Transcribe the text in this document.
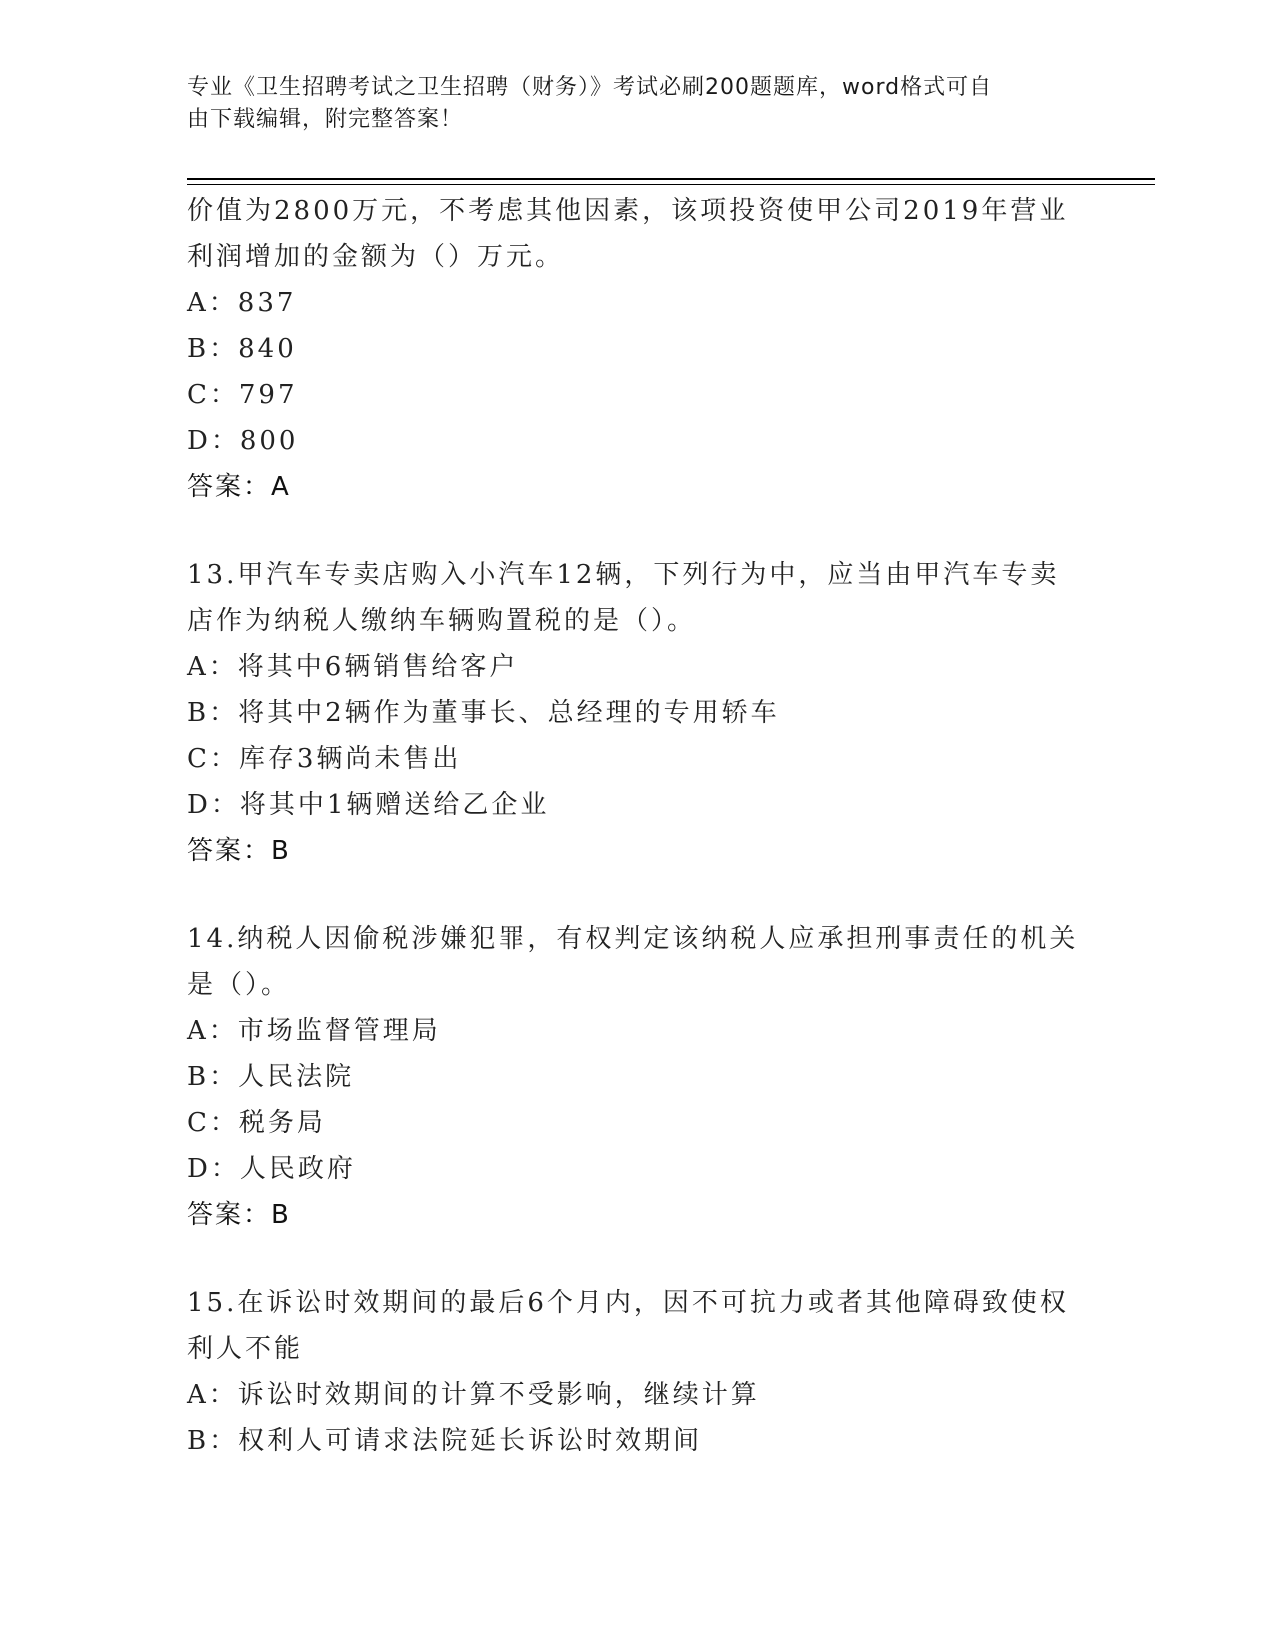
专业《卫生招聘考试之卫生招聘（财务）》考试必刷200题题库，word格式可自
由下载编辑，附完整答案！
价值为2800万元，不考虑其他因素，该项投资使甲公司2019年营业
利润增加的金额为（）万元。
A：837
B：840
C：797
D：800
答案：A
13.甲汽车专卖店购入小汽车12辆，下列行为中，应当由甲汽车专卖
店作为纳税人缴纳车辆购置税的是（）。
A：将其中6辆销售给客户
B：将其中2辆作为董事长、总经理的专用轿车
C：库存3辆尚未售出
D：将其中1辆赠送给乙企业
答案：B
14.纳税人因偷税涉嫌犯罪，有权判定该纳税人应承担刑事责任的机关
是（）。
A：市场监督管理局
B：人民法院
C：税务局
D：人民政府
答案：B
15.在诉讼时效期间的最后6个月内，因不可抗力或者其他障碍致使权
利人不能
A：诉讼时效期间的计算不受影响，继续计算
B：权利人可请求法院延长诉讼时效期间
